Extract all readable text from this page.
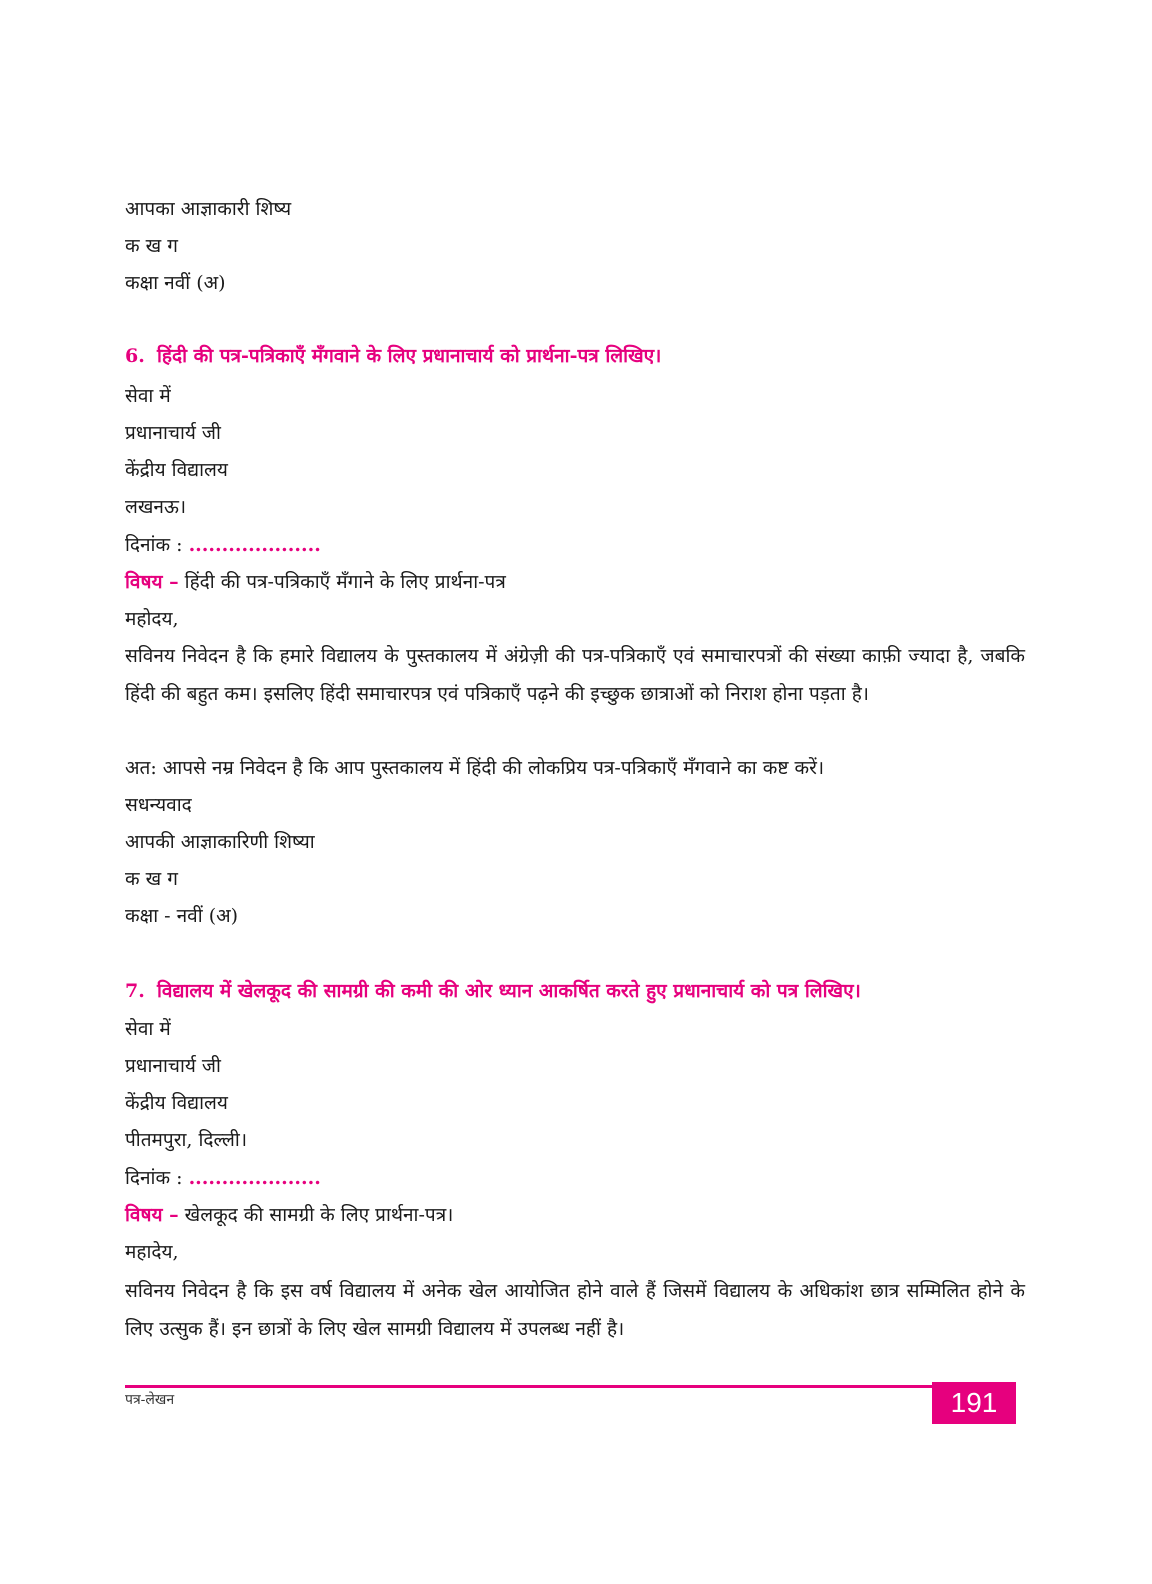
आपका आज्ञाकारी शिष्य
क ख ग
कक्षा नवीं (अ)
6. हिंदी की पत्र-पत्रिकाएँ मँगवाने के लिए प्रधानाचार्य को प्रार्थना-पत्र लिखिए।
सेवा में
प्रधानाचार्य जी
केंद्रीय विद्यालय
लखनऊ।
दिनांक : ....................
विषय – हिंदी की पत्र-पत्रिकाएँ मँगाने के लिए प्रार्थना-पत्र
महोदय,
सविनय निवेदन है कि हमारे विद्यालय के पुस्तकालय में अंग्रेज़ी की पत्र-पत्रिकाएँ एवं समाचारपत्रों की संख्या काफ़ी ज्यादा है, जबकि हिंदी की बहुत कम। इसलिए हिंदी समाचारपत्र एवं पत्रिकाएँ पढ़ने की इच्छुक छात्राओं को निराश होना पड़ता है।
अत: आपसे नम्र निवेदन है कि आप पुस्तकालय में हिंदी की लोकप्रिय पत्र-पत्रिकाएँ मँगवाने का कष्ट करें।
सधन्यवाद
आपकी आज्ञाकारिणी शिष्या
क ख ग
कक्षा - नवीं (अ)
7. विद्यालय में खेलकूद की सामग्री की कमी की ओर ध्यान आकर्षित करते हुए प्रधानाचार्य को पत्र लिखिए।
सेवा में
प्रधानाचार्य जी
केंद्रीय विद्यालय
पीतमपुरा, दिल्ली।
दिनांक : ....................
विषय – खेलकूद की सामग्री के लिए प्रार्थना-पत्र।
महादेय,
सविनय निवेदन है कि इस वर्ष विद्यालय में अनेक खेल आयोजित होने वाले हैं जिसमें विद्यालय के अधिकांश छात्र सम्मिलित होने के लिए उत्सुक हैं। इन छात्रों के लिए खेल सामग्री विद्यालय में उपलब्ध नहीं है।
पत्र-लेखन	191
